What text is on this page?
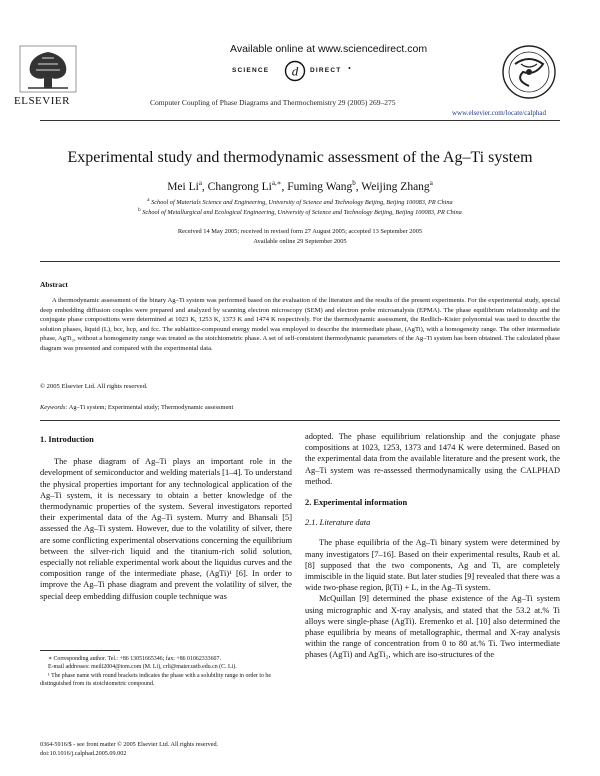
Available online at www.sciencedirect.com
SCIENCE d DIRECT •
ELSEVIER	Computer Coupling of Phase Diagrams and Thermochemistry 29 (2005) 269–275
www.elsevier.com/locate/calphad
Experimental study and thermodynamic assessment of the Ag–Ti system
Mei Li$^a$, Changrong $Li^{a,∗}$, Fuming Wang$^b$, Weijing Zhang$^a$
$^a$ School of Materials Science and Engineering, University of Science and Technology Beijing, Beijing 100083, PR China
$^b$ School of Metallurgical and Ecological Engineering, University of Science and Technology Beijing, Beijing 100083, PR China
Received 14 May 2005; received in revised form 27 August 2005; accepted 13 September 2005
Available online 29 September 2005
Abstract
A thermodynamic assessment of the binary Ag–Ti system was performed based on the evaluation of the literature and the results of the present experiments. For the experimental study, special deep embedding diffusion couples were prepared and analyzed by scanning electron microscopy (SEM) and electron probe microanalysis (EPMA). The phase equilibrium relationship and the conjugate phase compositions were determined at 1023 K, 1253 K, 1373 K and 1474 K respectively. For the thermodynamic assessment, the Redlich–Kister polynomial was used to describe the solution phases, liquid (L), bcc, hcp, and fcc. The sublattice-compound energy model was employed to describe the intermediate phase, (AgTi), with a homogeneity range. The other intermediate phase, AgTi₂, without a homogeneity range was treated as the stoichiometric phase. A set of self-consistent thermodynamic parameters of the Ag–Ti system has been obtained. The calculated phase diagram was presented and compared with the experimental data.
© 2005 Elsevier Ltd. All rights reserved.
Keywords: Ag–Ti system; Experimental study; Thermodynamic assessment
1. Introduction

The phase diagram of Ag–Ti plays an important role in the development of semiconductor and welding materials [1–4]. To understand the physical properties important for any technological application of the Ag–Ti system, it is necessary to obtain a better knowledge of the thermodynamic properties of the system. Several investigators reported their experimental data of the Ag–Ti system. Murry and Bhansali [5] assessed the Ag–Ti system. However, due to the volatility of silver, there are some conflicting experimental observations concerning the equilibrium between the silver-rich liquid and the titanium-rich solid solution, especially not reliable experimental work about the liquidus curves and the composition range of the intermediate phase, (AgTi)¹ [6]. In order to improve the Ag–Ti phase diagram and prevent the volatility of silver, the special deep embedding diffusion couple technique was

∗ Corresponding author. Tel.: +86 13051665346; fax: +86 01062333607.
E-mail addresses: meili2004@tom.com (M. Li), crli@mater.ustb.edu.cn (C. Li).
¹ The phase name with round brackets indicates the phase with a solubility range in order to be distinguished from its stoichiometric compound.

adopted. The phase equilibrium relationship and the conjugate phase compositions at 1023, 1253, 1373 and 1474 K were determined. Based on the experimental data from the available literature and the present work, the Ag–Ti system was re-assessed thermodynamically using the CALPHAD method.

2. Experimental information
2.1. Literature data

The phase equilibria of the Ag–Ti binary system were determined by many investigators [7–16]. Based on their experimental results, Raub et al. [8] supposed that the two components, Ag and Ti, are completely immiscible in the liquid state. But later studies [9] revealed that there was a wide two-phase region, β(Ti) + L, in the Ag–Ti system.

McQuillan [9] determined the phase existence of the Ag–Ti system using micrographic and X-ray analysis, and stated that the 53.2 at.% Ti alloys were single-phase (AgTi). Eremenko et al. [10] also determined the phase equilibria by means of metallographic, thermal and X-ray analysis within the range of concentration from 0 to 80 at.% Ti. Two intermediate phases (AgTi) and AgTi₂, which are iso-structures of the

0364-5916/$ - see front matter © 2005 Elsevier Ltd. All rights reserved.
doi:10.1016/j.calphad.2005.09.002
